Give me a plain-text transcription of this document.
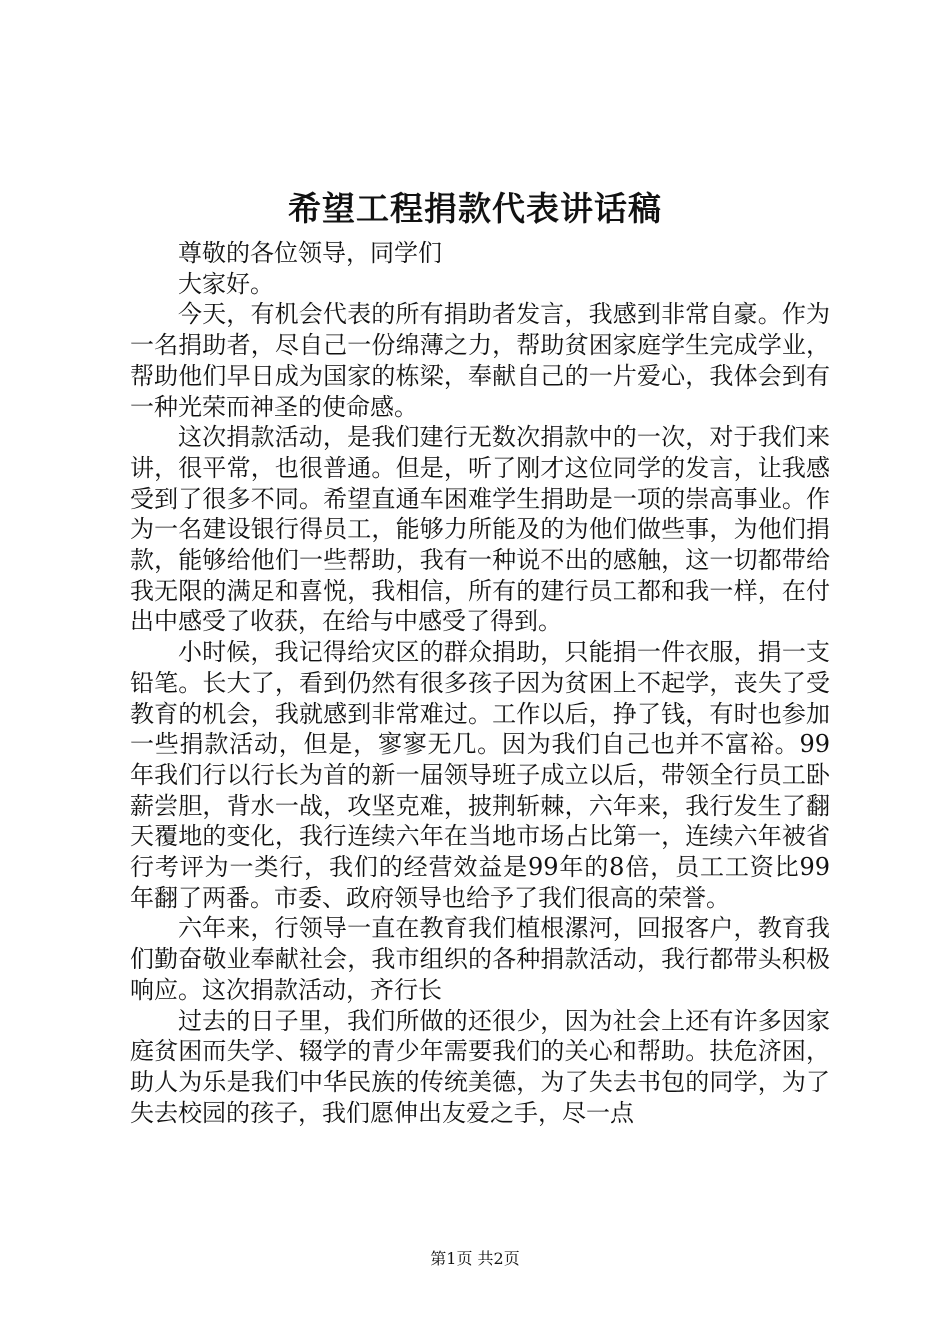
希望工程捐款代表讲话稿

尊敬的各位领导，同学们

大家好。

今天，有机会代表的所有捐助者发言，我感到非常自豪。作为一名捐助者，尽自己一份绵薄之力，帮助贫困家庭学生完成学业，帮助他们早日成为国家的栋梁，奉献自己的一片爱心，我体会到有一种光荣而神圣的使命感。

这次捐款活动，是我们建行无数次捐款中的一次，对于我们来讲，很平常，也很普通。但是，听了刚才这位同学的发言，让我感受到了很多不同。希望直通车困难学生捐助是一项的崇高事业。作为一名建设银行得员工，能够力所能及的为他们做些事，为他们捐款，能够给他们一些帮助，我有一种说不出的感触，这一切都带给我无限的满足和喜悦，我相信，所有的建行员工都和我一样，在付出中感受了收获，在给与中感受了得到。

小时候，我记得给灾区的群众捐助，只能捐一件衣服，捐一支铅笔。长大了，看到仍然有很多孩子因为贫困上不起学，丧失了受教育的机会，我就感到非常难过。工作以后，挣了钱，有时也参加一些捐款活动，但是，寥寥无几。因为我们自己也并不富裕。99年我们行以行长为首的新一届领导班子成立以后，带领全行员工卧薪尝胆，背水一战，攻坚克难，披荆斩棘，六年来，我行发生了翻天覆地的变化，我行连续六年在当地市场占比第一，连续六年被省行考评为一类行，我们的经营效益是99年的8倍，员工工资比99年翻了两番。市委、政府领导也给予了我们很高的荣誉。

六年来，行领导一直在教育我们植根漯河，回报客户，教育我们勤奋敬业奉献社会，我市组织的各种捐款活动，我行都带头积极响应。这次捐款活动，齐行长

过去的日子里，我们所做的还很少，因为社会上还有许多因家庭贫困而失学、辍学的青少年需要我们的关心和帮助。扶危济困，助人为乐是我们中华民族的传统美德，为了失去书包的同学，为了失去校园的孩子，我们愿伸出友爱之手，尽一点

第1页 共2页
